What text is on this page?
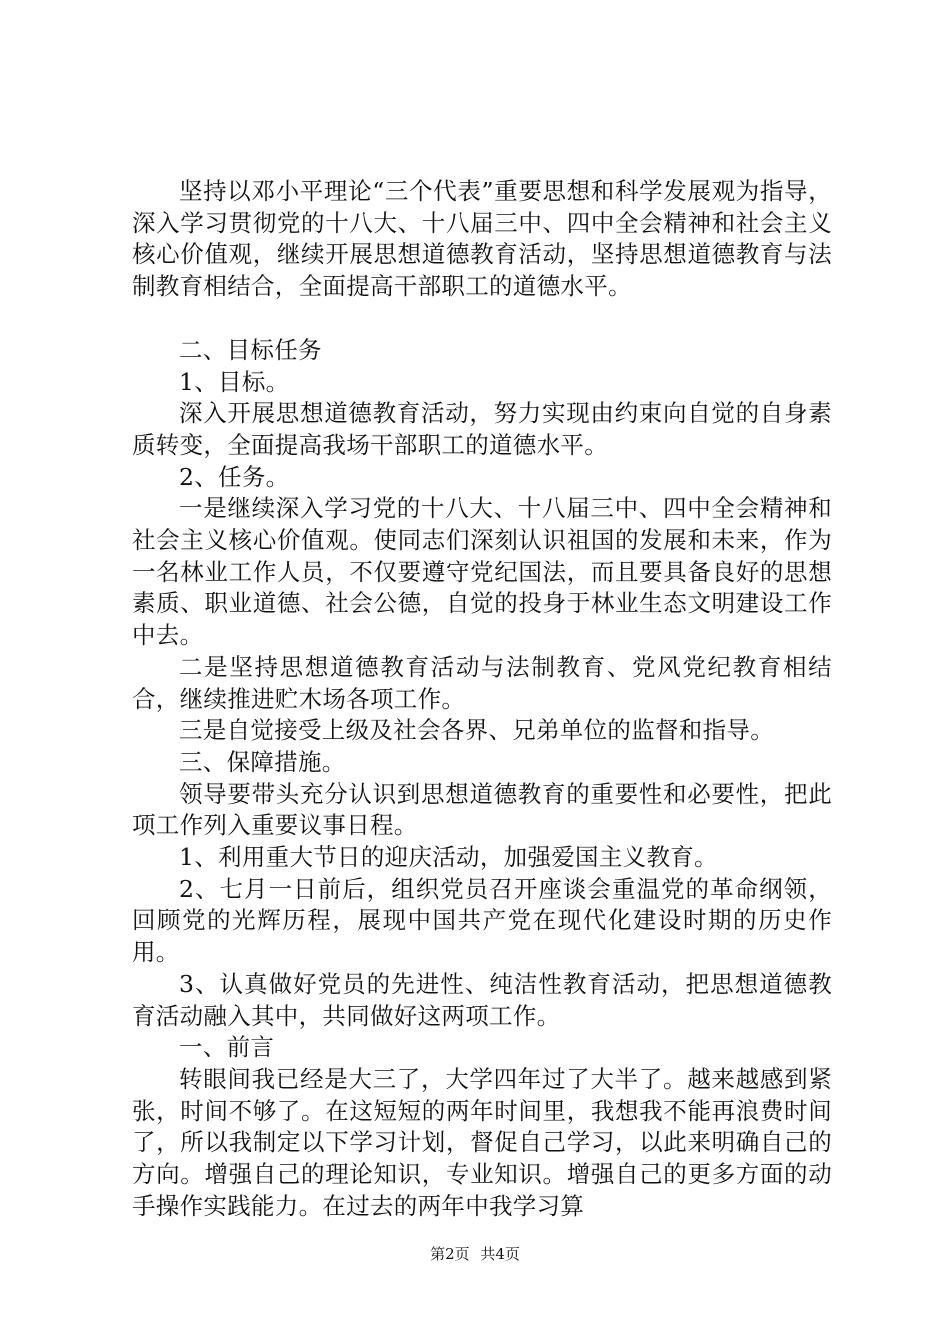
坚持以邓小平理论“三个代表”重要思想和科学发展观为指导，深入学习贯彻党的十八大、十八届三中、四中全会精神和社会主义核心价值观，继续开展思想道德教育活动，坚持思想道德教育与法制教育相结合，全面提高干部职工的道德水平。

二、目标任务

1、目标。

深入开展思想道德教育活动，努力实现由约束向自觉的自身素质转变，全面提高我场干部职工的道德水平。

2、任务。

一是继续深入学习党的十八大、十八届三中、四中全会精神和社会主义核心价值观。使同志们深刻认识祖国的发展和未来，作为一名林业工作人员，不仅要遵守党纪国法，而且要具备良好的思想素质、职业道德、社会公德，自觉的投身于林业生态文明建设工作中去。

二是坚持思想道德教育活动与法制教育、党风党纪教育相结合，继续推进贮木场各项工作。

三是自觉接受上级及社会各界、兄弟单位的监督和指导。

三、保障措施。

领导要带头充分认识到思想道德教育的重要性和必要性，把此项工作列入重要议事日程。

1、利用重大节日的迎庆活动，加强爱国主义教育。

2、七月一日前后，组织党员召开座谈会重温党的革命纲领，回顾党的光辉历程，展现中国共产党在现代化建设时期的历史作用。

3、认真做好党员的先进性、纯洁性教育活动，把思想道德教育活动融入其中，共同做好这两项工作。

一、前言

转眼间我已经是大三了，大学四年过了大半了。越来越感到紧张，时间不够了。在这短短的两年时间里，我想我不能再浪费时间了，所以我制定以下学习计划，督促自己学习，以此来明确自己的方向。增强自己的理论知识，专业知识。增强自己的更多方面的动手操作实践能力。在过去的两年中我学习算

第2页 共4页
